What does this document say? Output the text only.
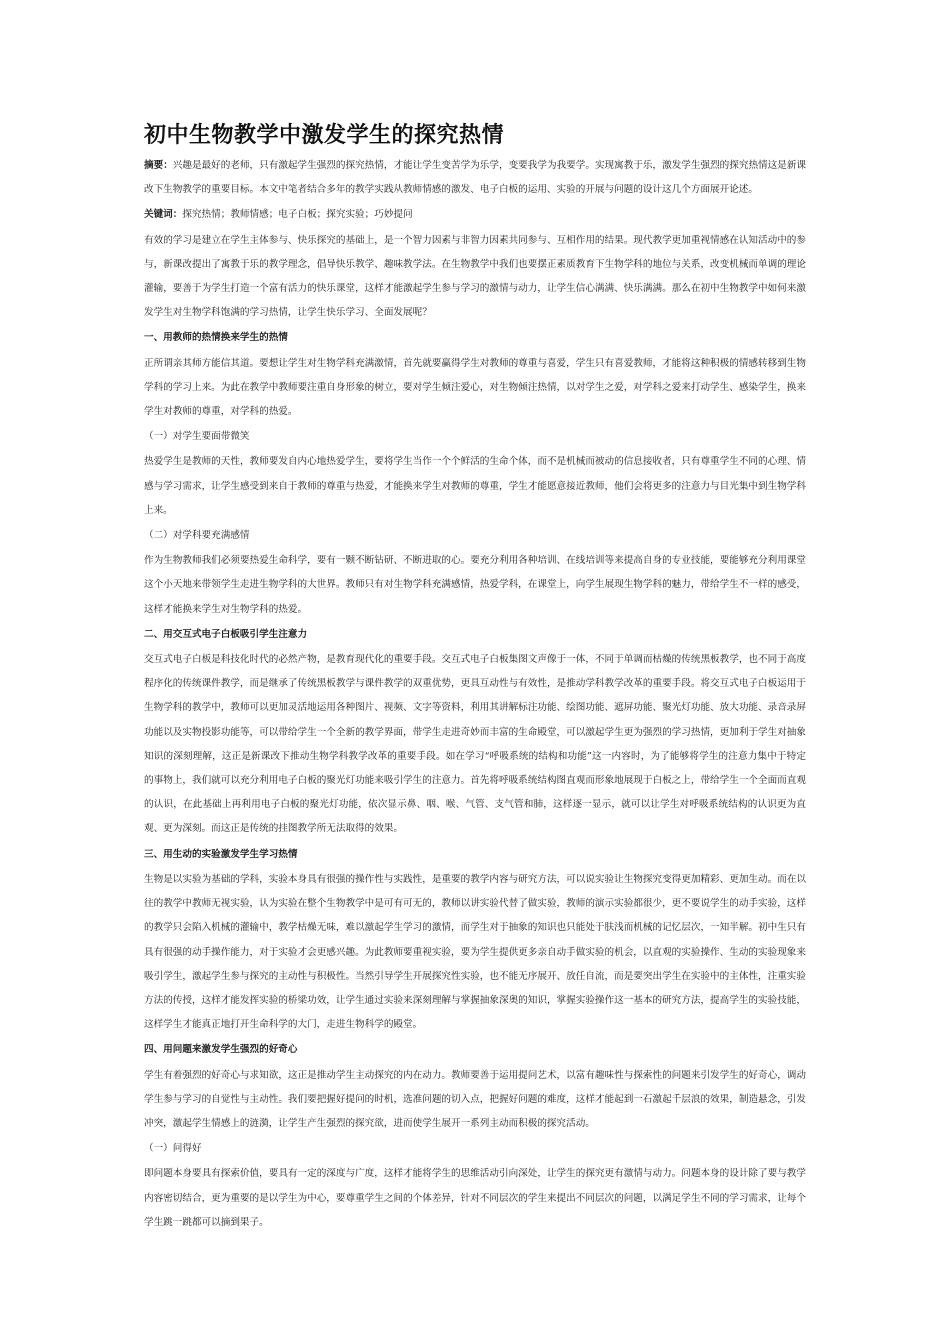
初中生物教学中激发学生的探究热情

摘要：兴趣是最好的老师，只有激起学生强烈的探究热情，才能让学生变苦学为乐学，变要我学为我要学。实现寓教于乐，激发学生强烈的探究热情这是新课改下生物教学的重要目标。本文中笔者结合多年的教学实践从教师情感的激发、电子白板的运用、实验的开展与问题的设计这几个方面展开论述。

关键词：探究热情；教师情感；电子白板；探究实验；巧妙提问

有效的学习是建立在学生主体参与、快乐探究的基础上，是一个智力因素与非智力因素共同参与、互相作用的结果。现代教学更加重视情感在认知活动中的参与，新课改提出了寓教于乐的教学理念，倡导快乐教学、趣味教学法。在生物教学中我们也要摆正素质教育下生物学科的地位与关系，改变机械而单调的理论灌输，要善于为学生打造一个富有活力的快乐课堂，这样才能激起学生参与学习的激情与动力，让学生信心满满、快乐满满。那么在初中生物教学中如何来激发学生对生物学科饱满的学习热情，让学生快乐学习、全面发展呢？

一、用教师的热情换来学生的热情

正所谓亲其师方能信其道。要想让学生对生物学科充满激情，首先就要赢得学生对教师的尊重与喜爱，学生只有喜爱教师，才能将这种积极的情感转移到生物学科的学习上来。为此在教学中教师要注重自身形象的树立，要对学生倾注爱心，对生物倾注热情，以对学生之爱，对学科之爱来打动学生、感染学生，换来学生对教师的尊重，对学科的热爱。

（一）对学生要面带微笑

热爱学生是教师的天性，教师要发自内心地热爱学生，要将学生当作一个个鲜活的生命个体，而不是机械而被动的信息接收者，只有尊重学生不同的心理、情感与学习需求，让学生感受到来自于教师的尊重与热爱，才能换来学生对教师的尊重，学生才能愿意接近教师，他们会将更多的注意力与目光集中到生物学科上来。

（二）对学科要充满感情

作为生物教师我们必须要热爱生命科学，要有一颗不断钻研、不断进取的心。要充分利用各种培训、在线培训等来提高自身的专业技能，要能够充分利用课堂这个小天地来带领学生走进生物学科的大世界。教师只有对生物学科充满感情，热爱学科，在课堂上，向学生展现生物学科的魅力，带给学生不一样的感受，这样才能换来学生对生物学科的热爱。

二、用交互式电子白板吸引学生注意力

交互式电子白板是科技化时代的必然产物，是教育现代化的重要手段。交互式电子白板集图文声像于一体，不同于单调而枯燥的传统黑板教学，也不同于高度程序化的传统课件教学，而是继承了传统黑板教学与课件教学的双重优势，更具互动性与有效性，是推动学科教学改革的重要手段。将交互式电子白板运用于生物学科的教学中，教师可以更加灵活地运用各种图片、视频、文字等资料，利用其讲解标注功能、绘图功能、遮屏功能、聚光灯功能、放大功能、录音录屏功能以及实物投影功能等，可以带给学生一个全新的教学界面，带学生走进奇妙而丰富的生命殿堂，可以激起学生更为强烈的学习热情，更加利于学生对抽象知识的深刻理解，这正是新课改下推动生物学科教学改革的重要手段。如在学习“呼吸系统的结构和功能”这一内容时，为了能够将学生的注意力集中于特定的事物上，我们就可以充分利用电子白板的聚光灯功能来吸引学生的注意力。首先将呼吸系统结构图直观而形象地展现于白板之上，带给学生一个全面而直观的认识，在此基础上再利用电子白板的聚光灯功能，依次显示鼻、咽、喉、气管、支气管和肺，这样逐一显示，就可以让学生对呼吸系统结构的认识更为直观、更为深刻。而这正是传统的挂图教学所无法取得的效果。

三、用生动的实验激发学生学习热情

生物是以实验为基础的学科，实验本身具有很强的操作性与实践性，是重要的教学内容与研究方法，可以说实验让生物探究变得更加精彩、更加生动。而在以往的教学中教师无视实验，认为实验在整个生物教学中是可有可无的，教师以讲实验代替了做实验，教师的演示实验都很少，更不要说学生的动手实验，这样的教学只会陷入机械的灌输中，教学枯燥无味，难以激起学生学习的激情，而学生对于抽象的知识也只能处于肤浅而机械的记忆层次，一知半解。初中生只有具有很强的动手操作能力，对于实验才会更感兴趣。为此教师要重视实验，要为学生提供更多亲自动手做实验的机会，以直观的实验操作、生动的实验现象来吸引学生，激起学生参与探究的主动性与积极性。当然引导学生开展探究性实验，也不能无序展开、放任自流，而是要突出学生在实验中的主体性，注重实验方法的传授，这样才能发挥实验的桥梁功效，让学生通过实验来深刻理解与掌握抽象深奥的知识，掌握实验操作这一基本的研究方法，提高学生的实验技能，这样学生才能真正地打开生命科学的大门，走进生物科学的殿堂。

四、用问题来激发学生强烈的好奇心

学生有着强烈的好奇心与求知欲，这正是推动学生主动探究的内在动力。教师要善于运用提问艺术，以富有趣味性与探索性的问题来引发学生的好奇心，调动学生参与学习的自觉性与主动性。我们要把握好提问的时机，选准问题的切入点，把握好问题的难度，这样才能起到一石激起千层浪的效果，制造悬念，引发冲突，激起学生情感上的涟漪，让学生产生强烈的探究欲，进而使学生展开一系列主动而积极的探究活动。

（一）问得好

即问题本身要具有探索价值，要具有一定的深度与广度，这样才能将学生的思维活动引向深处，让学生的探究更有激情与动力。问题本身的设计除了要与教学内容密切结合，更为重要的是以学生为中心，要尊重学生之间的个体差异，针对不同层次的学生来提出不同层次的问题，以满足学生不同的学习需求，让每个学生跳一跳都可以摘到果子。
